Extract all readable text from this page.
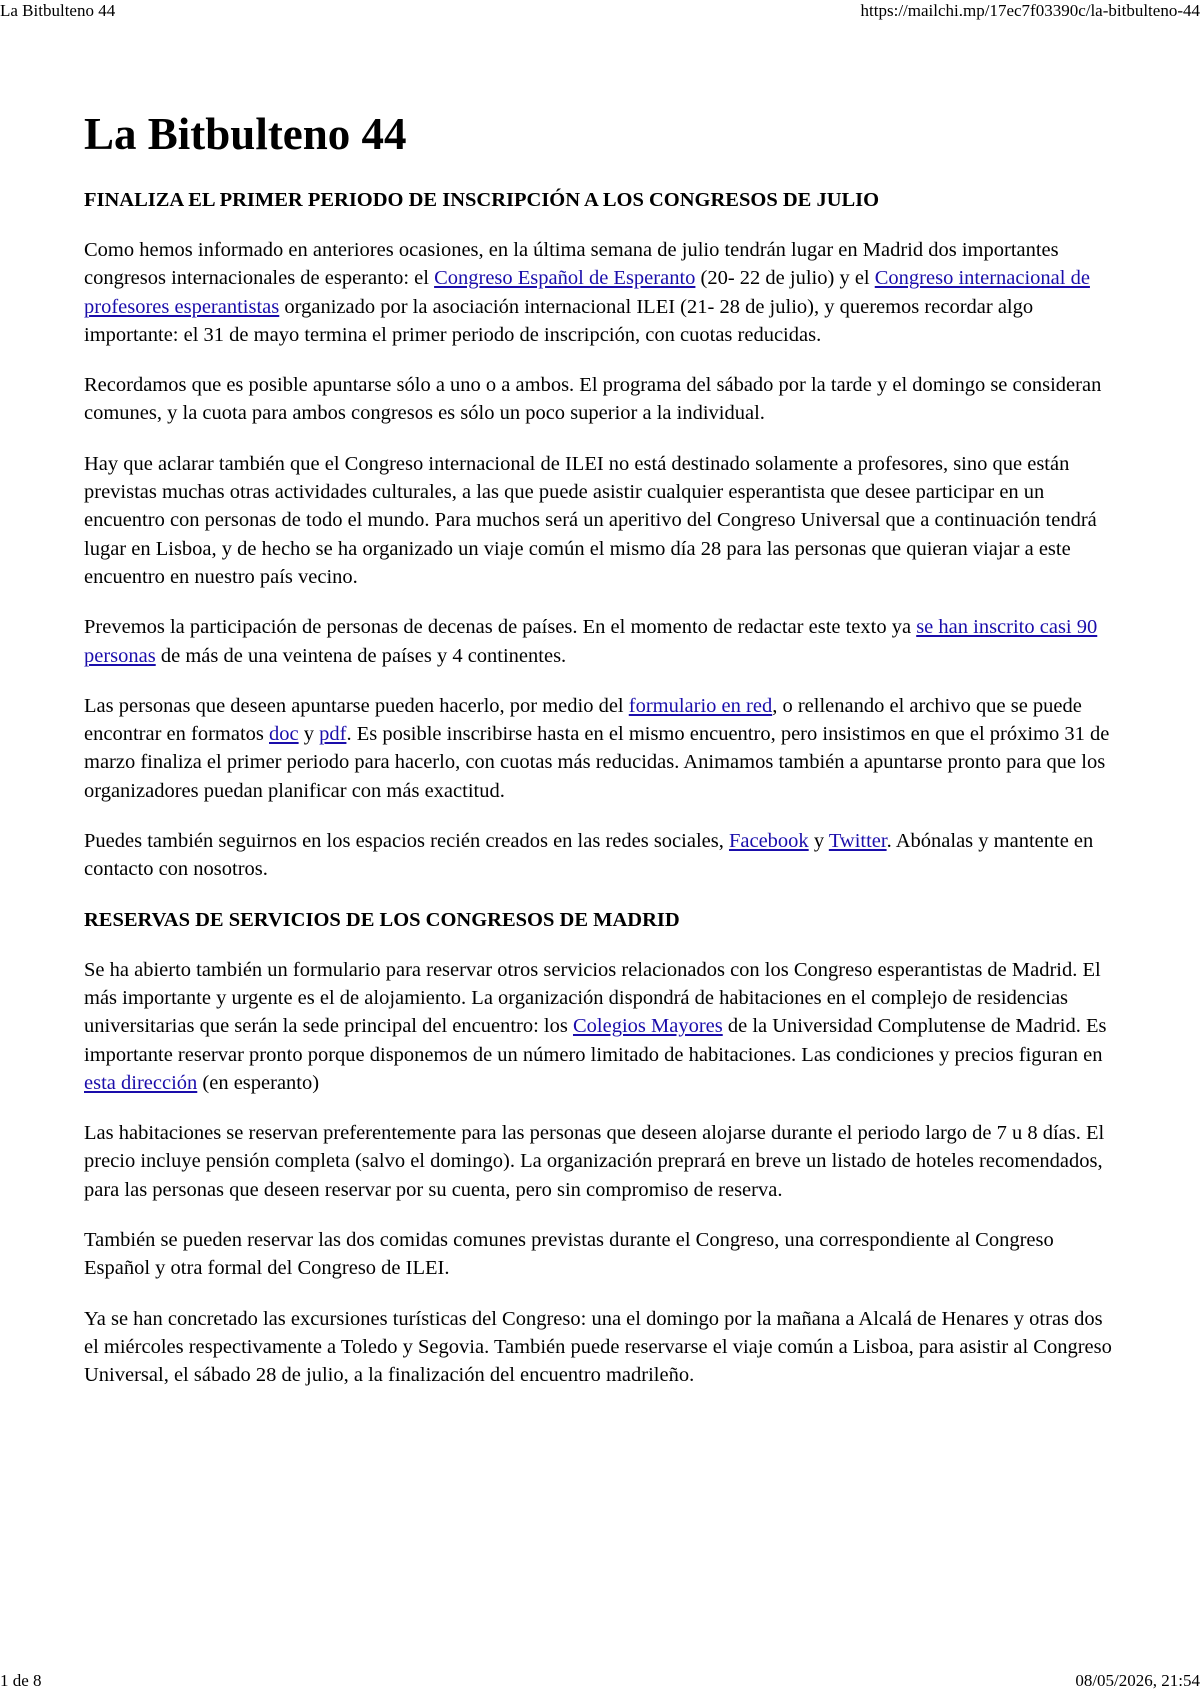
La Bitbulteno 44	https://mailchi.mp/17ec7f03390c/la-bitbulteno-44
La Bitbulteno 44
FINALIZA EL PRIMER PERIODO DE INSCRIPCIÓN A LOS CONGRESOS DE JULIO

Como hemos informado en anteriores ocasiones, en la última semana de julio tendrán lugar en Madrid dos importantes congresos internacionales de esperanto: el Congreso Español de Esperanto (20- 22 de julio) y el Congreso internacional de profesores esperantistas organizado por la asociación internacional ILEI (21- 28 de julio), y queremos recordar algo importante: el 31 de mayo termina el primer periodo de inscripción, con cuotas reducidas.

Recordamos que es posible apuntarse sólo a uno o a ambos. El programa del sábado por la tarde y el domingo se consideran comunes, y la cuota para ambos congresos es sólo un poco superior a la individual.

Hay que aclarar también que el Congreso internacional de ILEI no está destinado solamente a profesores, sino que están previstas muchas otras actividades culturales, a las que puede asistir cualquier esperantista que desee participar en un encuentro con personas de todo el mundo. Para muchos será un aperitivo del Congreso Universal que a continuación tendrá lugar en Lisboa, y de hecho se ha organizado un viaje común el mismo día 28 para las personas que quieran viajar a este encuentro en nuestro país vecino.

Prevemos la participación de personas de decenas de países. En el momento de redactar este texto ya se han inscrito casi 90 personas de más de una veintena de países y 4 continentes.

Las personas que deseen apuntarse pueden hacerlo, por medio del formulario en red, o rellenando el archivo que se puede encontrar en formatos doc y pdf. Es posible inscribirse hasta en el mismo encuentro, pero insistimos en que el próximo 31 de marzo finaliza el primer periodo para hacerlo, con cuotas más reducidas. Animamos también a apuntarse pronto para que los organizadores puedan planificar con más exactitud.

Puedes también seguirnos en los espacios recién creados en las redes sociales, Facebook y Twitter. Abónalas y mantente en contacto con nosotros.

RESERVAS DE SERVICIOS DE LOS CONGRESOS DE MADRID

Se ha abierto también un formulario para reservar otros servicios relacionados con los Congreso esperantistas de Madrid. El más importante y urgente es el de alojamiento. La organización dispondrá de habitaciones en el complejo de residencias universitarias que serán la sede principal del encuentro: los Colegios Mayores de la Universidad Complutense de Madrid. Es importante reservar pronto porque disponemos de un número limitado de habitaciones. Las condiciones y precios figuran en esta dirección (en esperanto)

Las habitaciones se reservan preferentemente para las personas que deseen alojarse durante el periodo largo de 7 u 8 días. El precio incluye pensión completa (salvo el domingo). La organización preprará en breve un listado de hoteles recomendados, para las personas que deseen reservar por su cuenta, pero sin compromiso de reserva.

También se pueden reservar las dos comidas comunes previstas durante el Congreso, una correspondiente al Congreso Español y otra formal del Congreso de ILEI.

Ya se han concretado las excursiones turísticas del Congreso: una el domingo por la mañana a Alcalá de Henares y otras dos el miércoles respectivamente a Toledo y Segovia. También puede reservarse el viaje común a Lisboa, para asistir al Congreso Universal, el sábado 28 de julio, a la finalización del encuentro madrileño.

1 de 8	08/05/2026, 21:54
